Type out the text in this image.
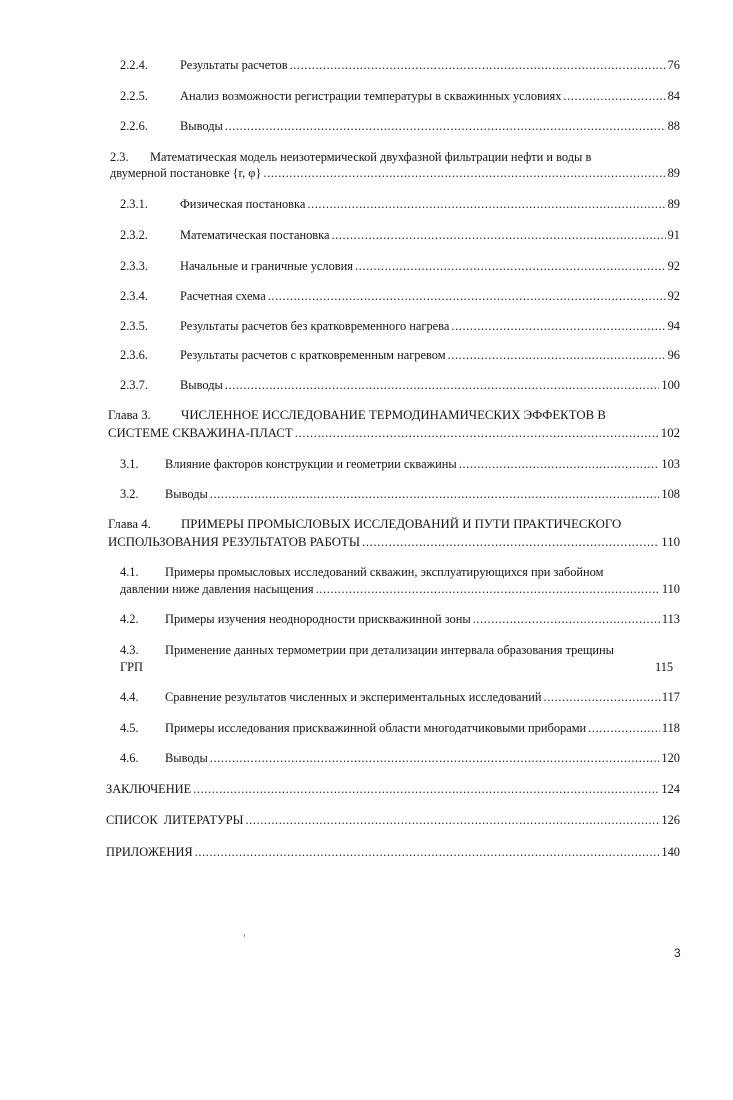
2.2.4.	Результаты расчетов .....	76
2.2.5.	Анализ возможности регистрации температуры в скважинных условиях .....	84
2.2.6.	Выводы .....	88
2.3. Математическая модель неизотермической двухфазной фильтрации нефти и воды в
двумерной постановке {r, φ} .....	89
2.3.1.	Физическая постановка .....	89
2.3.2.	Математическая постановка .....	91
2.3.3.	Начальные и граничные условия .....	92
2.3.4.	Расчетная схема .....	92
2.3.5.	Результаты расчетов без кратковременного нагрева .....	94
2.3.6.	Результаты расчетов с кратковременным нагревом .....	96
2.3.7.	Выводы .....	100
Глава 3. ЧИСЛЕННОЕ ИССЛЕДОВАНИЕ ТЕРМОДИНАМИЧЕСКИХ ЭФФЕКТОВ В
СИСТЕМЕ СКВАЖИНА-ПЛАСТ .....	102
3.1.	Влияние факторов конструкции и геометрии скважины .....	103
3.2.	Выводы .....	108
Глава 4. ПРИМЕРЫ ПРОМЫСЛОВЫХ ИССЛЕДОВАНИЙ И ПУТИ ПРАКТИЧЕСКОГО
ИСПОЛЬЗОВАНИЯ РЕЗУЛЬТАТОВ РАБОТЫ .....	110
4.1. Примеры промысловых исследований скважин, эксплуатирующихся при забойном
давлении ниже давления насыщения .....	110
4.2.	Примеры изучения неоднородности прискважинной зоны .....	113
4.3. Применение данных термометрии при детализации интервала образования трещины
ГРП	115
4.4.	Сравнение результатов численных и экспериментальных исследований .....	117
4.5.	Примеры исследования прискважинной области многодатчиковыми приборами .....	118
4.6.	Выводы .....	120
ЗАКЛЮЧЕНИЕ .....	124
СПИСОК ЛИТЕРАТУРЫ .....	126
ПРИЛОЖЕНИЯ .....	140
3
